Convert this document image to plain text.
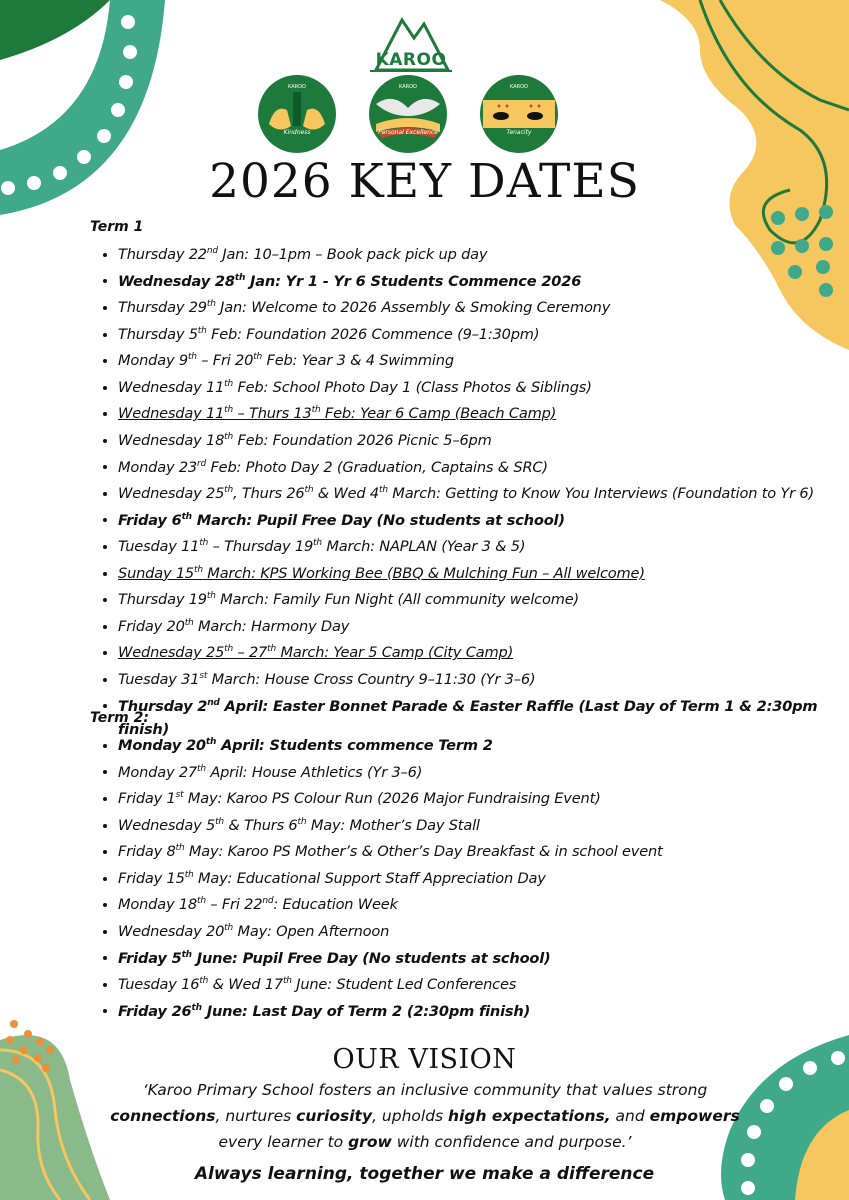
KAROO
KAROO
Kindness
KAROO
Personal Excellence
KAROO
Tenacity
2026 KEY DATES
Term 1
• Thursday 22nd Jan: 10–1pm – Book pack pick up day
• Wednesday 28th Jan: Yr 1 - Yr 6 Students Commence 2026
• Thursday 29th Jan: Welcome to 2026 Assembly & Smoking Ceremony
• Thursday 5th Feb: Foundation 2026 Commence (9–1:30pm)
• Monday 9th – Fri 20th Feb: Year 3 & 4 Swimming
• Wednesday 11th Feb: School Photo Day 1 (Class Photos & Siblings)
• Wednesday 11th – Thurs 13th Feb: Year 6 Camp (Beach Camp)
• Wednesday 18th Feb: Foundation 2026 Picnic 5–6pm
• Monday 23rd Feb: Photo Day 2 (Graduation, Captains & SRC)
• Wednesday 25th, Thurs 26th & Wed 4th March: Getting to Know You Interviews (Foundation to Yr 6)
• Friday 6th March: Pupil Free Day (No students at school)
• Tuesday 11th – Thursday 19th March: NAPLAN (Year 3 & 5)
• Sunday 15th March: KPS Working Bee (BBQ & Mulching Fun – All welcome)
• Thursday 19th March: Family Fun Night (All community welcome)
• Friday 20th March: Harmony Day
• Wednesday 25th – 27th March: Year 5 Camp (City Camp)
• Tuesday 31st March: House Cross Country 9–11:30 (Yr 3–6)
• Thursday 2nd April: Easter Bonnet Parade & Easter Raffle (Last Day of Term 1 & 2:30pm finish)
Term 2:
• Monday 20th April: Students commence Term 2
• Monday 27th April: House Athletics (Yr 3–6)
• Friday 1st May: Karoo PS Colour Run (2026 Major Fundraising Event)
• Wednesday 5th & Thurs 6th May: Mother’s Day Stall
• Friday 8th May: Karoo PS Mother’s & Other’s Day Breakfast & in school event
• Friday 15th May: Educational Support Staff Appreciation Day
• Monday 18th – Fri 22nd: Education Week
• Wednesday 20th May: Open Afternoon
• Friday 5th June: Pupil Free Day (No students at school)
• Tuesday 16th & Wed 17th June: Student Led Conferences
• Friday 26th June: Last Day of Term 2 (2:30pm finish)
OUR VISION
‘Karoo Primary School fosters an inclusive community that values strong connections, nurtures curiosity, upholds high expectations, and empowers every learner to grow with confidence and purpose.’
Always learning, together we make a difference
